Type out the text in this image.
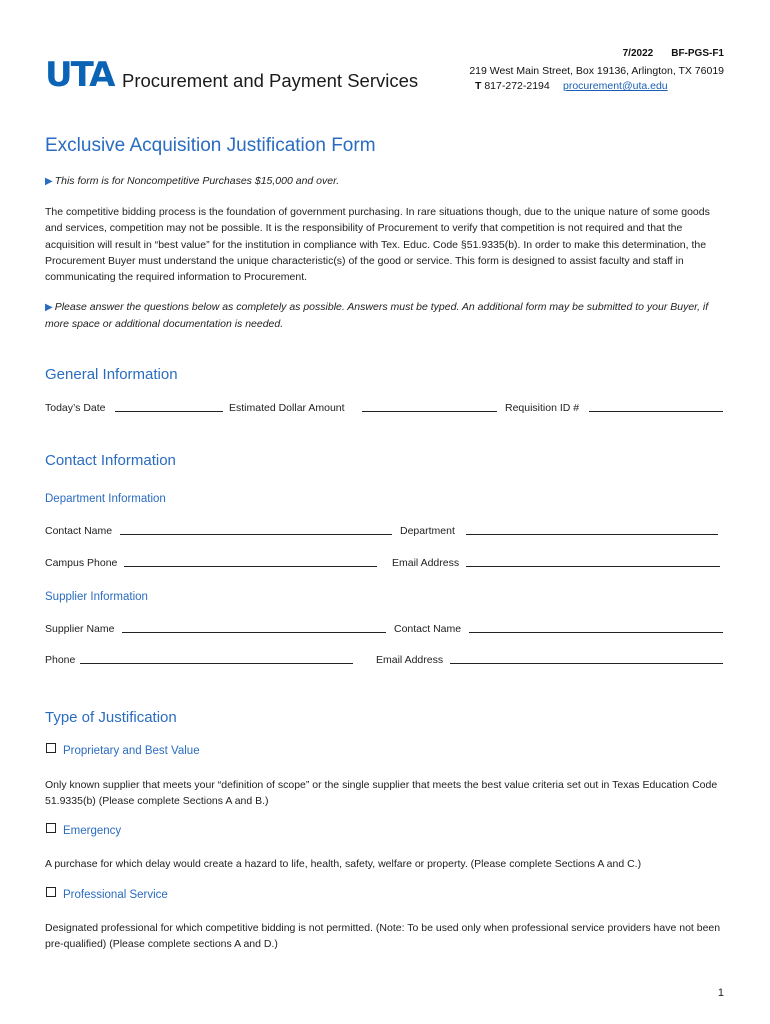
UTA Procurement and Payment Services
7/2022 BF-PGS-F1
219 West Main Street, Box 19136, Arlington, TX 76019
T 817-272-2194 procurement@uta.edu
Exclusive Acquisition Justification Form
▶ This form is for Noncompetitive Purchases $15,000 and over.
The competitive bidding process is the foundation of government purchasing. In rare situations though, due to the unique nature of some goods and services, competition may not be possible. It is the responsibility of Procurement to verify that competition is not required and that the acquisition will result in “best value” for the institution in compliance with Tex. Educ. Code §51.9335(b). In order to make this determination, the Procurement Buyer must understand the unique characteristic(s) of the good or service. This form is designed to assist faculty and staff in communicating the required information to Procurement.
▶ Please answer the questions below as completely as possible. Answers must be typed. An additional form may be submitted to your Buyer, if more space or additional documentation is needed.
General Information
Today’s Date	Estimated Dollar Amount	Requisition ID #
Contact Information
Department Information
Contact Name	Department
Campus Phone	Email Address
Supplier Information
Supplier Name	Contact Name
Phone	Email Address
Type of Justification
Proprietary and Best Value
Only known supplier that meets your “definition of scope” or the single supplier that meets the best value criteria set out in Texas Education Code 51.9335(b) (Please complete Sections A and B.)
Emergency
A purchase for which delay would create a hazard to life, health, safety, welfare or property. (Please complete Sections A and C.)
Professional Service
Designated professional for which competitive bidding is not permitted. (Note: To be used only when professional service providers have not been pre-qualified) (Please complete sections A and D.)
1
